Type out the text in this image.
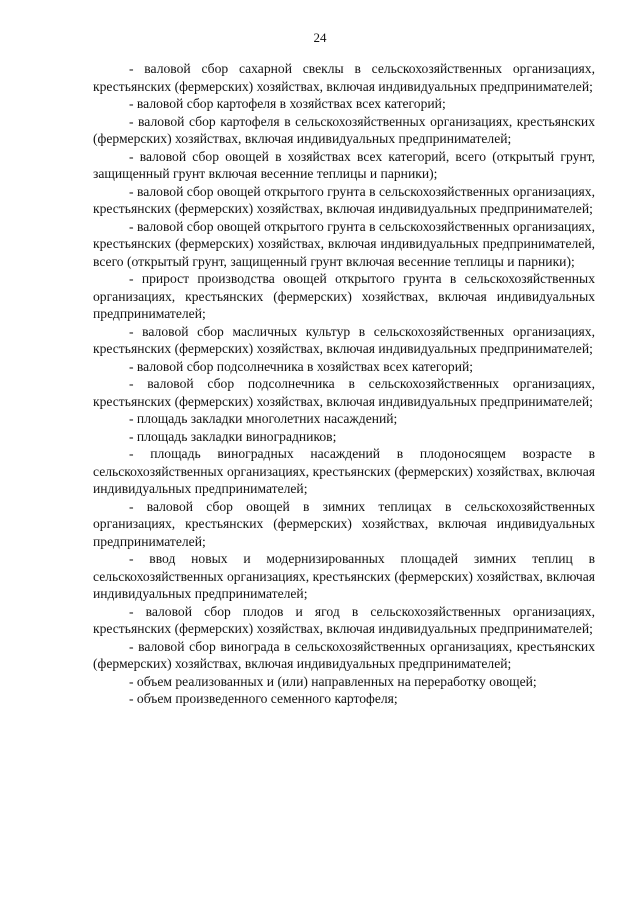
24

- валовой сбор сахарной свеклы в сельскохозяйственных организациях, крестьянских (фермерских) хозяйствах, включая индивидуальных предпринимателей;

- валовой сбор картофеля в хозяйствах всех категорий;

- валовой сбор картофеля в сельскохозяйственных организациях, крестьянских (фермерских) хозяйствах, включая индивидуальных предпринимателей;

- валовой сбор овощей в хозяйствах всех категорий, всего (открытый грунт, защищенный грунт включая весенние теплицы и парники);

- валовой сбор овощей открытого грунта в сельскохозяйственных организациях, крестьянских (фермерских) хозяйствах, включая индивидуальных предпринимателей;

- валовой сбор овощей открытого грунта в сельскохозяйственных организациях, крестьянских (фермерских) хозяйствах, включая индивидуальных предпринимателей, всего (открытый грунт, защищенный грунт включая весенние теплицы и парники);

- прирост производства овощей открытого грунта в сельскохозяйственных организациях, крестьянских (фермерских) хозяйствах, включая индивидуальных предпринимателей;

- валовой сбор масличных культур в сельскохозяйственных организациях, крестьянских (фермерских) хозяйствах, включая индивидуальных предпринимателей;

- валовой сбор подсолнечника в хозяйствах всех категорий;

- валовой сбор подсолнечника в сельскохозяйственных организациях, крестьянских (фермерских) хозяйствах, включая индивидуальных предпринимателей;

- площадь закладки многолетних насаждений;

- площадь закладки виноградников;

- площадь виноградных насаждений в плодоносящем возрасте в сельскохозяйственных организациях, крестьянских (фермерских) хозяйствах, включая индивидуальных предпринимателей;

- валовой сбор овощей в зимних теплицах в сельскохозяйственных организациях, крестьянских (фермерских) хозяйствах, включая индивидуальных предпринимателей;

- ввод новых и модернизированных площадей зимних теплиц в сельскохозяйственных организациях, крестьянских (фермерских) хозяйствах, включая индивидуальных предпринимателей;

- валовой сбор плодов и ягод в сельскохозяйственных организациях, крестьянских (фермерских) хозяйствах, включая индивидуальных предпринимателей;

- валовой сбор винограда в сельскохозяйственных организациях, крестьянских (фермерских) хозяйствах, включая индивидуальных предпринимателей;

- объем реализованных и (или) направленных на переработку овощей;

- объем произведенного семенного картофеля;
